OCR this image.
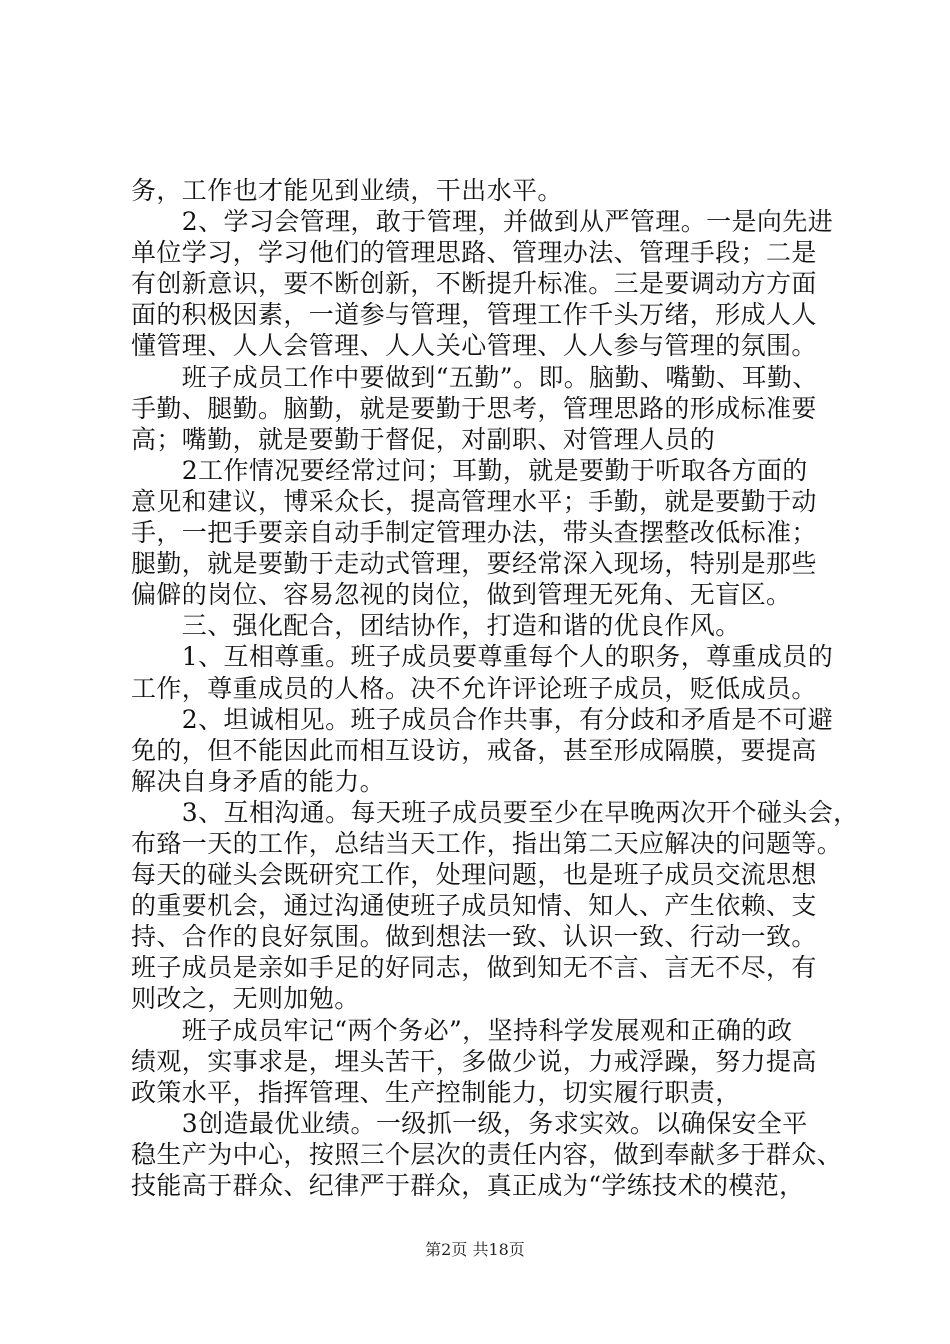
务，工作也才能见到业绩，干出水平。
　　2、学习会管理，敢于管理，并做到从严管理。一是向先进
单位学习，学习他们的管理思路、管理办法、管理手段；二是
有创新意识，要不断创新，不断提升标准。三是要调动方方面
面的积极因素，一道参与管理，管理工作千头万绪，形成人人
懂管理、人人会管理、人人关心管理、人人参与管理的氛围。
　　班子成员工作中要做到“五勤”。即。脑勤、嘴勤、耳勤、
手勤、腿勤。脑勤，就是要勤于思考，管理思路的形成标准要
高；嘴勤，就是要勤于督促，对副职、对管理人员的
　　2工作情况要经常过问；耳勤，就是要勤于听取各方面的
意见和建议，博采众长，提高管理水平；手勤，就是要勤于动
手，一把手要亲自动手制定管理办法，带头查摆整改低标准；
腿勤，就是要勤于走动式管理，要经常深入现场，特别是那些
偏僻的岗位、容易忽视的岗位，做到管理无死角、无盲区。
　　三、强化配合，团结协作，打造和谐的优良作风。
　　1、互相尊重。班子成员要尊重每个人的职务，尊重成员的
工作，尊重成员的人格。决不允许评论班子成员，贬低成员。
　　2、坦诚相见。班子成员合作共事，有分歧和矛盾是不可避
免的，但不能因此而相互设访，戒备，甚至形成隔膜，要提高
解决自身矛盾的能力。
　　3、互相沟通。每天班子成员要至少在早晚两次开个碰头会，
布臵一天的工作，总结当天工作，指出第二天应解决的问题等。
每天的碰头会既研究工作，处理问题，也是班子成员交流思想
的重要机会，通过沟通使班子成员知情、知人、产生依赖、支
持、合作的良好氛围。做到想法一致、认识一致、行动一致。
班子成员是亲如手足的好同志，做到知无不言、言无不尽，有
则改之，无则加勉。
　　班子成员牢记“两个务必”，坚持科学发展观和正确的政
绩观，实事求是，埋头苦干，多做少说，力戒浮躁，努力提高
政策水平，指挥管理、生产控制能力，切实履行职责，
　　3创造最优业绩。一级抓一级，务求实效。以确保安全平
稳生产为中心，按照三个层次的责任内容，做到奉献多于群众、
技能高于群众、纪律严于群众，真正成为“学练技术的模范，
第2页 共18页
